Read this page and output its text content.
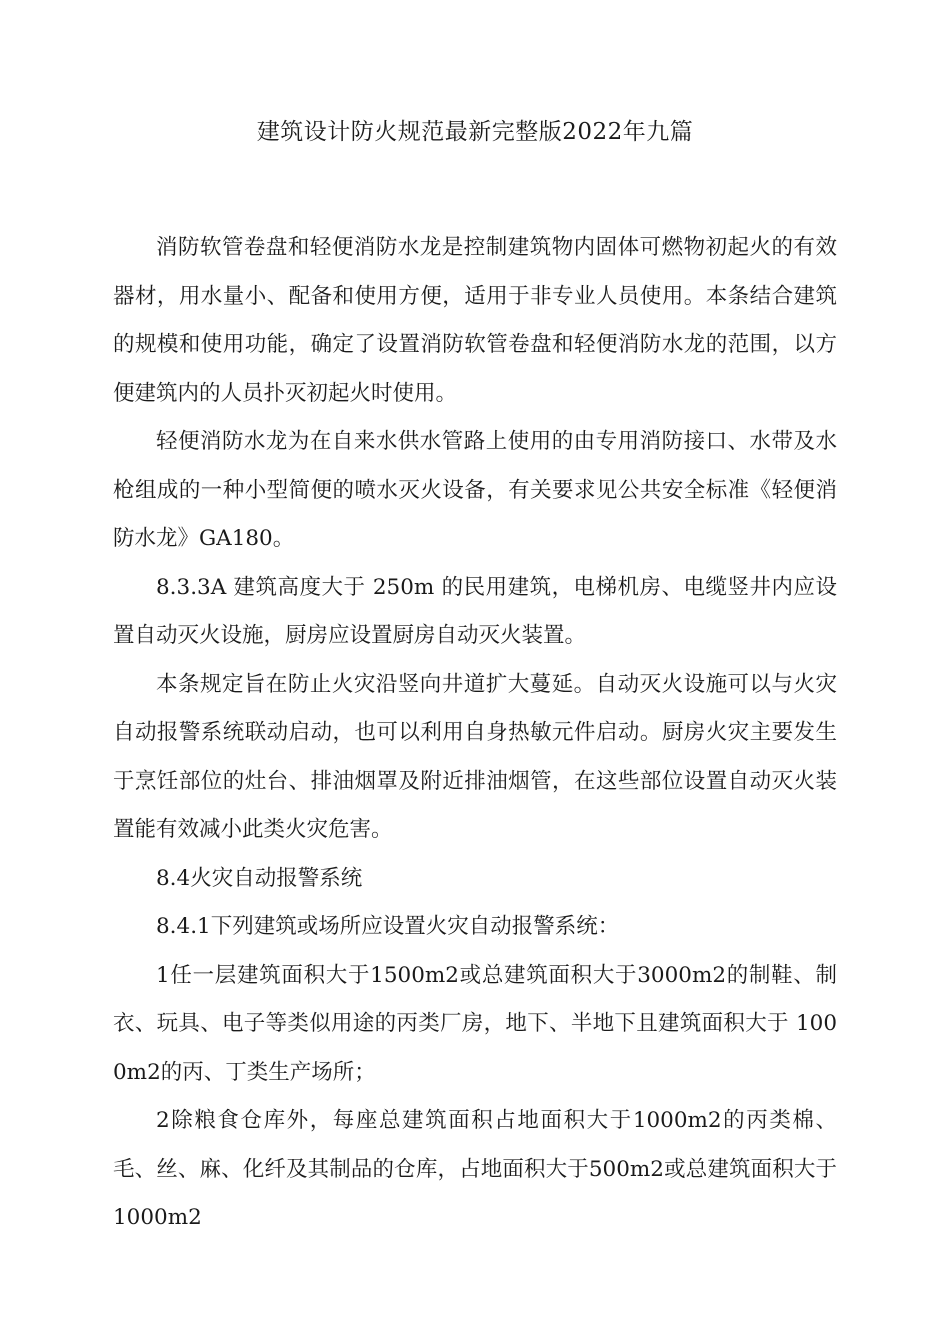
建筑设计防火规范最新完整版2022年九篇

消防软管卷盘和轻便消防水龙是控制建筑物内固体可燃物初起火的有效器材，用水量小、配备和使用方便，适用于非专业人员使用。本条结合建筑的规模和使用功能，确定了设置消防软管卷盘和轻便消防水龙的范围，以方便建筑内的人员扑灭初起火时使用。

轻便消防水龙为在自来水供水管路上使用的由专用消防接口、水带及水枪组成的一种小型简便的喷水灭火设备，有关要求见公共安全标准《轻便消防水龙》GA180。

8.3.3A 建筑高度大于 250m 的民用建筑，电梯机房、电缆竖井内应设置自动灭火设施，厨房应设置厨房自动灭火装置。

本条规定旨在防止火灾沿竖向井道扩大蔓延。自动灭火设施可以与火灾自动报警系统联动启动，也可以利用自身热敏元件启动。厨房火灾主要发生于烹饪部位的灶台、排油烟罩及附近排油烟管，在这些部位设置自动灭火装置能有效减小此类火灾危害。

8.4火灾自动报警系统

8.4.1下列建筑或场所应设置火灾自动报警系统：

1任一层建筑面积大于1500m2或总建筑面积大于3000m2的制鞋、制衣、玩具、电子等类似用途的丙类厂房，地下、半地下且建筑面积大于 1000m2的丙、丁类生产场所；

2除粮食仓库外，每座总建筑面积占地面积大于1000m2的丙类棉、毛、丝、麻、化纤及其制品的仓库，占地面积大于500m2或总建筑面积大于1000m2
